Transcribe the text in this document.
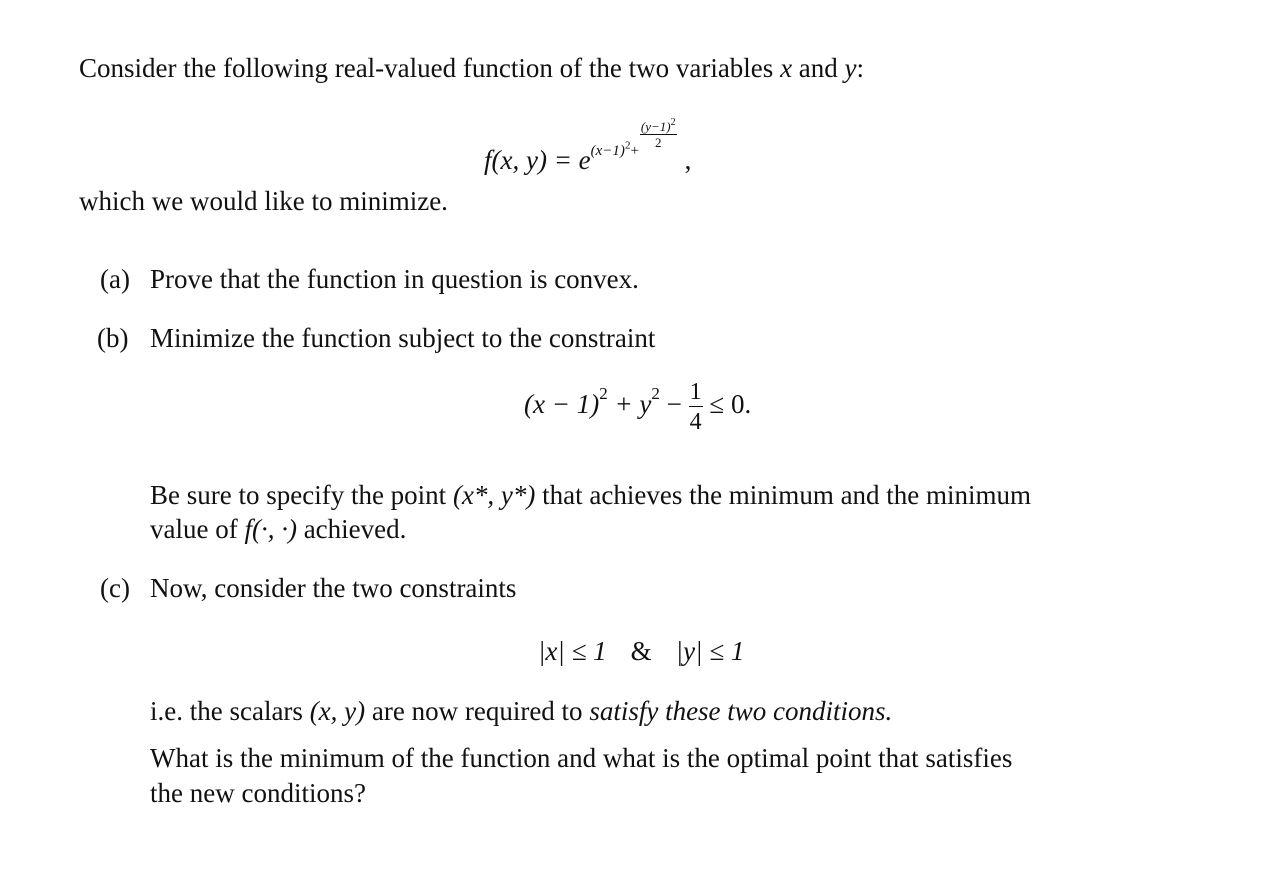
Consider the following real-valued function of the two variables x and y:
f(x, $y) = e^{(x-1)^2+ \frac{(y-1)^2}{2}}$
,
which we would like to minimize.
(a) Prove that the function in question is convex.
(b) Minimize the function subject to the constraint
$(x - 1)^2 + y^2 - \frac{1}{4} \le 0$.
Be sure to specify the point (x*, y*) that achieves the minimum and the minimum
value of f(·, ·) achieved.
(c) Now, consider the two constraints
|x| ≤ 1 & |y| ≤ 1
i.e. the scalars (x, y) are now required to satisfy these two conditions.
What is the minimum of the function and what is the optimal point that satisfies
the new conditions?
